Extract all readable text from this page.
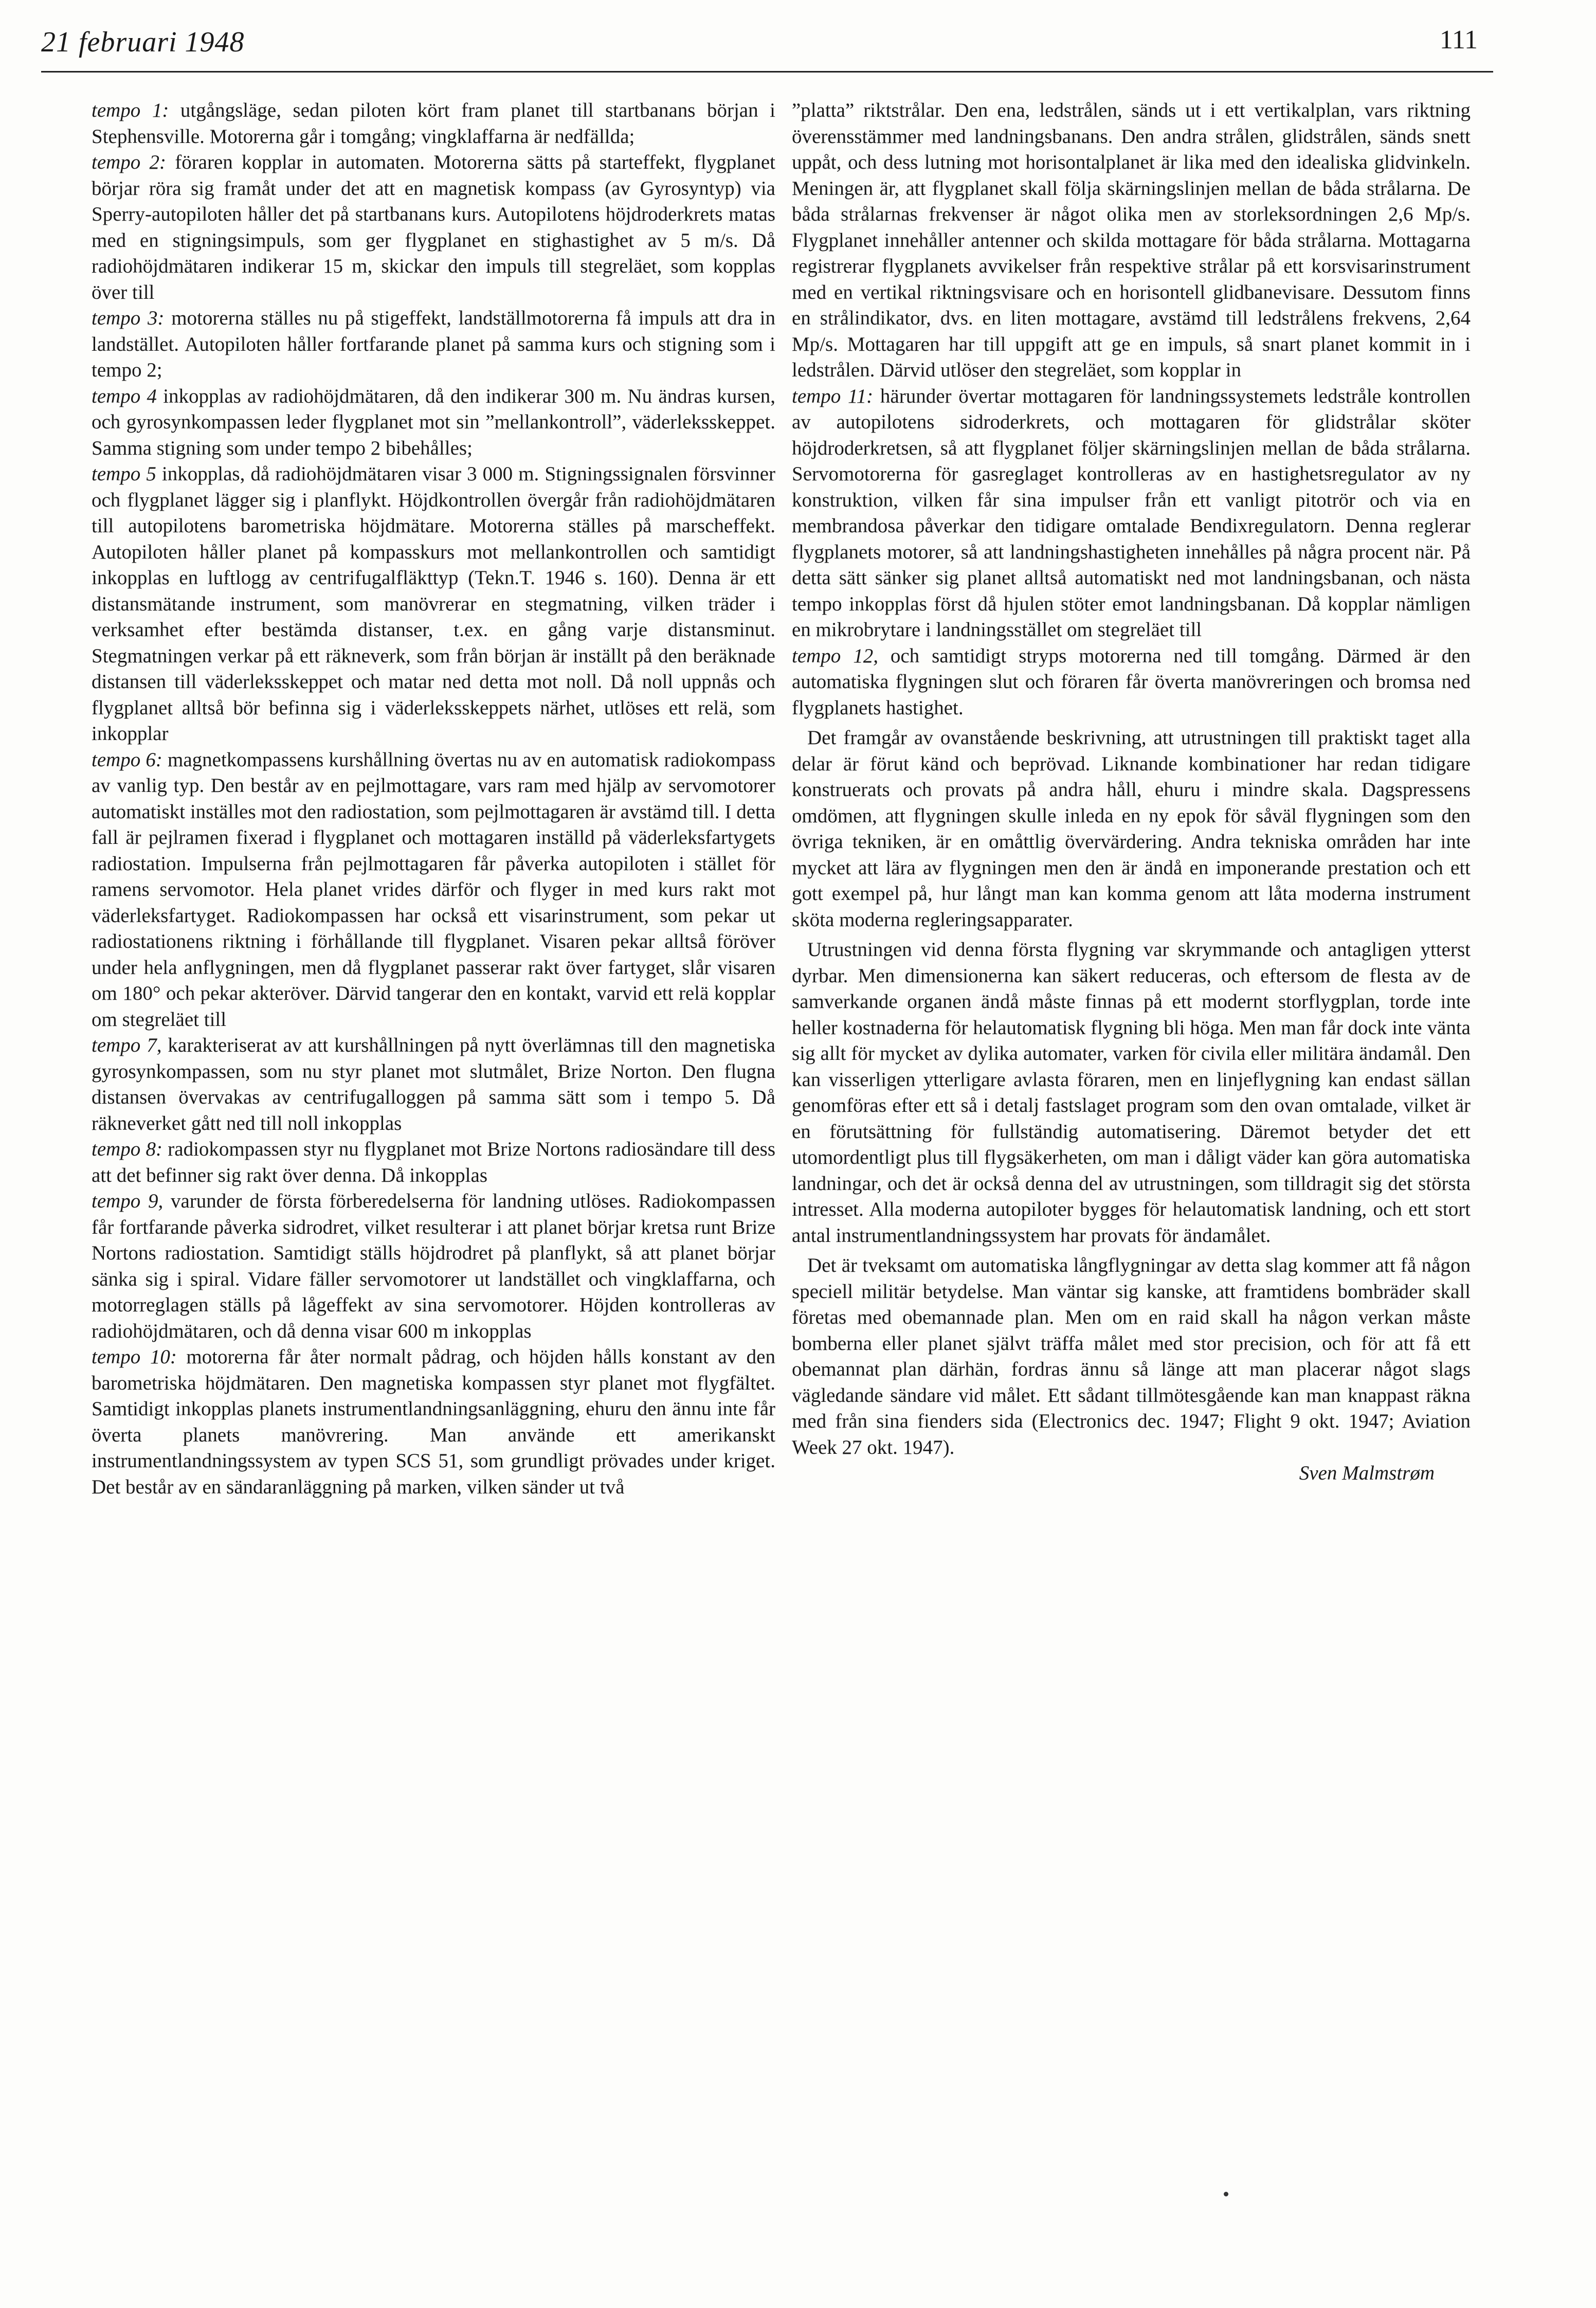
21 februari 1948	111

tempo 1: utgångsläge, sedan piloten kört fram planet till startbanans början i Stephensville. Motorerna går i tomgång; vingklaffarna är nedfällda;

tempo 2: föraren kopplar in automaten. Motorerna sätts på starteffekt, flygplanet börjar röra sig framåt under det att en magnetisk kompass (av Gyrosyntyp) via Sperry-autopiloten håller det på startbanans kurs. Autopilotens höjdroderkrets matas med en stigningsimpuls, som ger flygplanet en stighastighet av 5 m/s. Då radiohöjdmätaren indikerar 15 m, skickar den impuls till stegreläet, som kopplas över till

tempo 3: motorerna ställes nu på stigeffekt, landställmotorerna få impuls att dra in landstället. Autopiloten håller fortfarande planet på samma kurs och stigning som i tempo 2;

tempo 4 inkopplas av radiohöjdmätaren, då den indikerar 300 m. Nu ändras kursen, och gyrosynkompassen leder flygplanet mot sin ”mellankontroll”, väderleksskeppet. Samma stigning som under tempo 2 bibehålles;

tempo 5 inkopplas, då radiohöjdmätaren visar 3 000 m. Stigningssignalen försvinner och flygplanet lägger sig i planflykt. Höjdkontrollen övergår från radiohöjdmätaren till autopilotens barometriska höjdmätare. Motorerna ställes på marscheffekt. Autopiloten håller planet på kompasskurs mot mellankontrollen och samtidigt inkopplas en luftlogg av centrifugalfläkttyp (Tekn.T. 1946 s. 160). Denna är ett distansmätande instrument, som manövrerar en stegmatning, vilken träder i verksamhet efter bestämda distanser, t.ex. en gång varje distansminut. Stegmatningen verkar på ett räkneverk, som från början är inställt på den beräknade distansen till väderleksskeppet och matar ned detta mot noll. Då noll uppnås och flygplanet alltså bör befinna sig i väderleksskeppets närhet, utlöses ett relä, som inkopplar

tempo 6: magnetkompassens kurshållning övertas nu av en automatisk radiokompass av vanlig typ. Den består av en pejlmottagare, vars ram med hjälp av servomotorer automatiskt inställes mot den radiostation, som pejlmottagaren är avstämd till. I detta fall är pejlramen fixerad i flygplanet och mottagaren inställd på väderleksfartygets radiostation. Impulserna från pejlmottagaren får påverka autopiloten i stället för ramens servomotor. Hela planet vrides därför och flyger in med kurs rakt mot väderleksfartyget. Radiokompassen har också ett visarinstrument, som pekar ut radiostationens riktning i förhållande till flygplanet. Visaren pekar alltså föröver under hela anflygningen, men då flygplanet passerar rakt över fartyget, slår visaren om 180° och pekar akteröver. Därvid tangerar den en kontakt, varvid ett relä kopplar om stegreläet till

tempo 7, karakteriserat av att kurshållningen på nytt överlämnas till den magnetiska gyrosynkompassen, som nu styr planet mot slutmålet, Brize Norton. Den flugna distansen övervakas av centrifugalloggen på samma sätt som i tempo 5. Då räkneverket gått ned till noll inkopplas

tempo 8: radiokompassen styr nu flygplanet mot Brize Nortons radiosändare till dess att det befinner sig rakt över denna. Då inkopplas

tempo 9, varunder de första förberedelserna för landning utlöses. Radiokompassen får fortfarande påverka sidrodret, vilket resulterar i att planet börjar kretsa runt Brize Nortons radiostation. Samtidigt ställs höjdrodret på planflykt, så att planet börjar sänka sig i spiral. Vidare fäller servomotorer ut landstället och vingklaffarna, och motorreglagen ställs på lågeffekt av sina servomotorer. Höjden kontrolleras av radiohöjdmätaren, och då denna visar 600 m inkopplas

tempo 10: motorerna får åter normalt pådrag, och höjden hålls konstant av den barometriska höjdmätaren. Den magnetiska kompassen styr planet mot flygfältet. Samtidigt inkopplas planets instrumentlandningsanläggning, ehuru den ännu inte får överta planets manövrering. Man använde ett amerikanskt instrumentlandningssystem av typen SCS 51, som grundligt prövades under kriget. Det består av en sändaranläggning på marken, vilken sänder ut två

”platta” riktstrålar. Den ena, ledstrålen, sänds ut i ett vertikalplan, vars riktning överensstämmer med landningsbanans. Den andra strålen, glidstrålen, sänds snett uppåt, och dess lutning mot horisontalplanet är lika med den idealiska glidvinkeln. Meningen är, att flygplanet skall följa skärningslinjen mellan de båda strålarna. De båda strålarnas frekvenser är något olika men av storleksordningen 2,6 Mp/s. Flygplanet innehåller antenner och skilda mottagare för båda strålarna. Mottagarna registrerar flygplanets avvikelser från respektive strålar på ett korsvisarinstrument med en vertikal riktningsvisare och en horisontell glidbanevisare. Dessutom finns en strålindikator, dvs. en liten mottagare, avstämd till ledstrålens frekvens, 2,64 Mp/s. Mottagaren har till uppgift att ge en impuls, så snart planet kommit in i ledstrålen. Därvid utlöser den stegreläet, som kopplar in

tempo 11: härunder övertar mottagaren för landningssystemets ledstråle kontrollen av autopilotens sidroderkrets, och mottagaren för glidstrålar sköter höjdroderkretsen, så att flygplanet följer skärningslinjen mellan de båda strålarna. Servomotorerna för gasreglaget kontrolleras av en hastighetsregulator av ny konstruktion, vilken får sina impulser från ett vanligt pitotrör och via en membrandosa påverkar den tidigare omtalade Bendixregulatorn. Denna reglerar flygplanets motorer, så att landningshastigheten innehålles på några procent när. På detta sätt sänker sig planet alltså automatiskt ned mot landningsbanan, och nästa tempo inkopplas först då hjulen stöter emot landningsbanan. Då kopplar nämligen en mikrobrytare i landningsstället om stegreläet till

tempo 12, och samtidigt stryps motorerna ned till tomgång. Därmed är den automatiska flygningen slut och föraren får överta manövreringen och bromsa ned flygplanets hastighet.

Det framgår av ovanstående beskrivning, att utrustningen till praktiskt taget alla delar är förut känd och beprövad. Liknande kombinationer har redan tidigare konstruerats och provats på andra håll, ehuru i mindre skala. Dagspressens omdömen, att flygningen skulle inleda en ny epok för såväl flygningen som den övriga tekniken, är en omåttlig övervärdering. Andra tekniska områden har inte mycket att lära av flygningen men den är ändå en imponerande prestation och ett gott exempel på, hur långt man kan komma genom att låta moderna instrument sköta moderna regleringsapparater.

Utrustningen vid denna första flygning var skrymmande och antagligen ytterst dyrbar. Men dimensionerna kan säkert reduceras, och eftersom de flesta av de samverkande organen ändå måste finnas på ett modernt storflygplan, torde inte heller kostnaderna för helautomatisk flygning bli höga. Men man får dock inte vänta sig allt för mycket av dylika automater, varken för civila eller militära ändamål. Den kan visserligen ytterligare avlasta föraren, men en linjeflygning kan endast sällan genomföras efter ett så i detalj fastslaget program som den ovan omtalade, vilket är en förutsättning för fullständig automatisering. Däremot betyder det ett utomordentligt plus till flygsäkerheten, om man i dåligt väder kan göra automatiska landningar, och det är också denna del av utrustningen, som tilldragit sig det största intresset. Alla moderna autopiloter bygges för helautomatisk landning, och ett stort antal instrumentlandningssystem har provats för ändamålet.

Det är tveksamt om automatiska långflygningar av detta slag kommer att få någon speciell militär betydelse. Man väntar sig kanske, att framtidens bombräder skall företas med obemannade plan. Men om en raid skall ha någon verkan måste bomberna eller planet självt träffa målet med stor precision, och för att få ett obemannat plan därhän, fordras ännu så länge att man placerar något slags vägledande sändare vid målet. Ett sådant tillmötesgående kan man knappast räkna med från sina fienders sida (Electronics dec. 1947; Flight 9 okt. 1947; Aviation Week 27 okt. 1947).

Sven Malmstrøm
